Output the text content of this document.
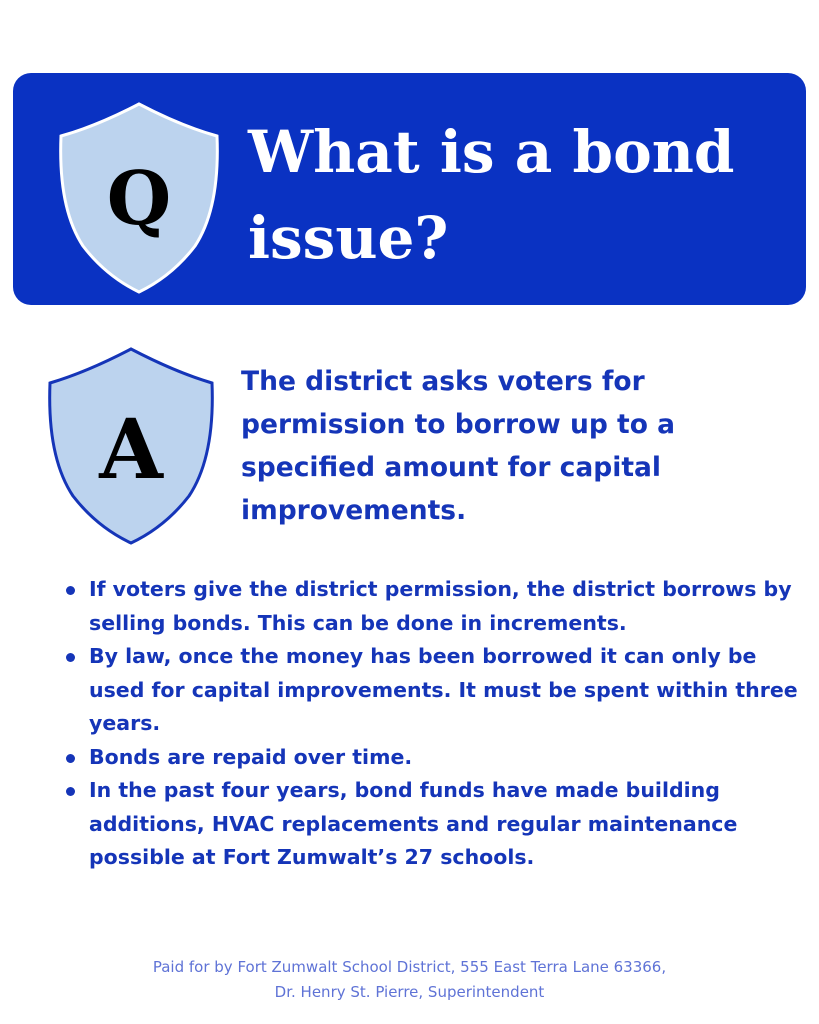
Q
What is a bond issue?
A

The district asks voters for permission to borrow up to a specified amount for capital improvements.

If voters give the district permission, the district borrows by selling bonds. This can be done in increments.
By law, once the money has been borrowed it can only be used for capital improvements. It must be spent within three years.
Bonds are repaid over time.
In the past four years, bond funds have made building additions, HVAC replacements and regular maintenance possible at Fort Zumwalt’s 27 schools.
Paid for by Fort Zumwalt School District, 555 East Terra Lane 63366,
Dr. Henry St. Pierre, Superintendent
